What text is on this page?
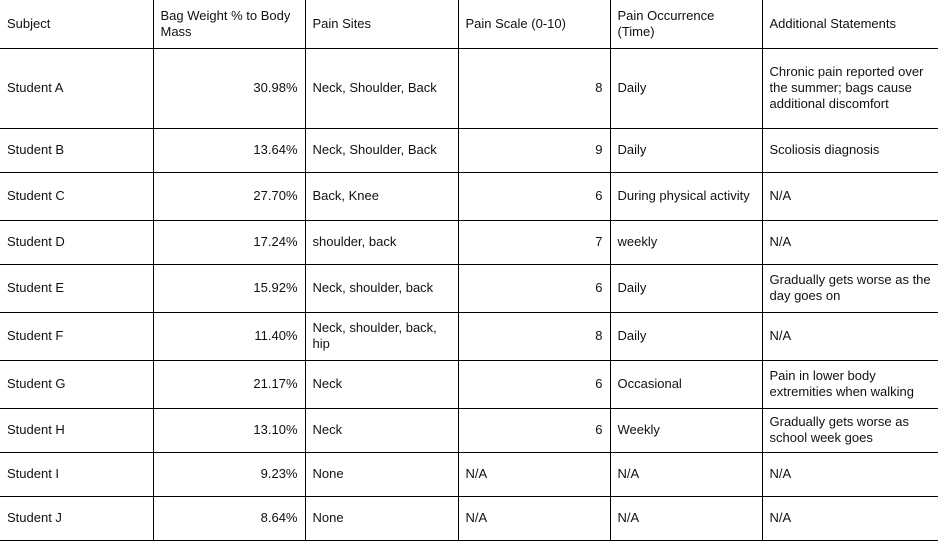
Subject	Bag Weight % to Body Mass	Pain Sites	Pain Scale (0-10)	Pain Occurrence (Time)	Additional Statements
Student A	30.98%	Neck, Shoulder, Back	8	Daily	Chronic pain reported over the summer; bags cause additional discomfort
Student B	13.64%	Neck, Shoulder, Back	9	Daily	Scoliosis diagnosis
Student C	27.70%	Back, Knee	6	During physical activity	N/A
Student D	17.24%	shoulder, back	7	weekly	N/A
Student E	15.92%	Neck, shoulder, back	6	Daily	Gradually gets worse as the day goes on
Student F	11.40%	Neck, shoulder, back, hip	8	Daily	N/A
Student G	21.17%	Neck	6	Occasional	Pain in lower body extremities when walking
Student H	13.10%	Neck	6	Weekly	Gradually gets worse as school week goes
Student I	9.23%	None	N/A	N/A	N/A
Student J	8.64%	None	N/A	N/A	N/A
